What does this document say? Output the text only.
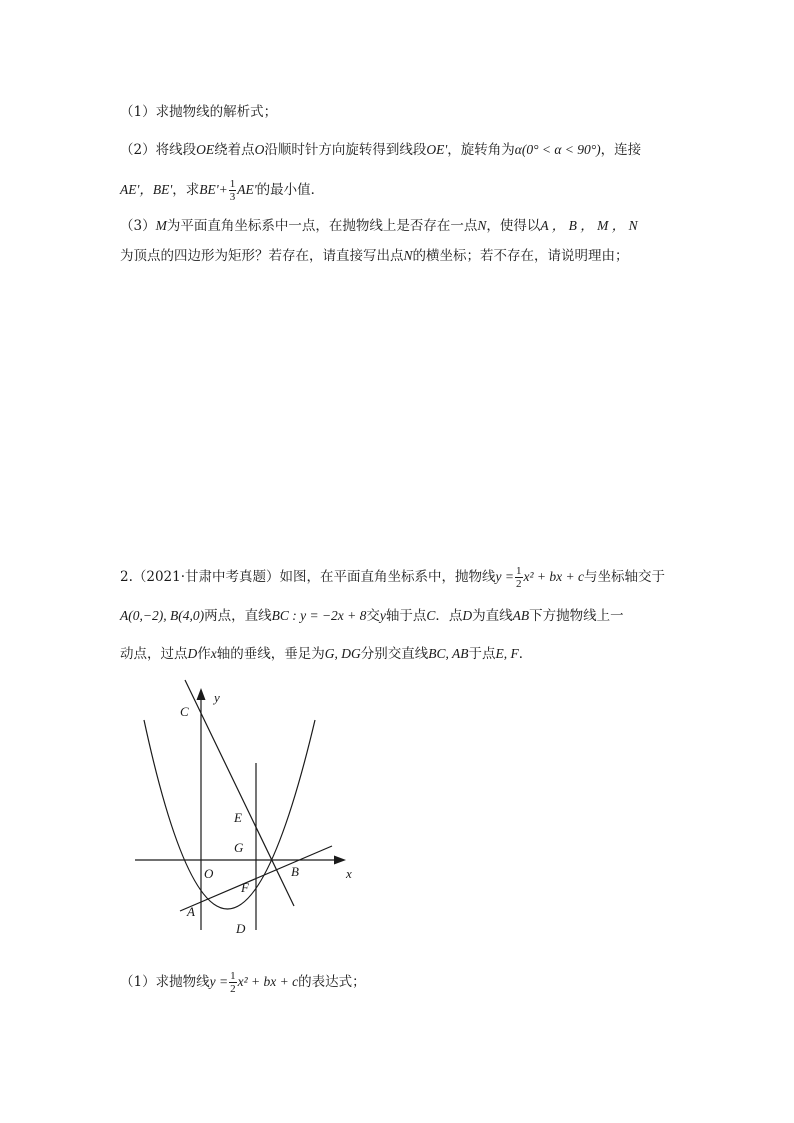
（1）求抛物线的解析式；
（2）将线段OE绕着点O沿顺时针方向旋转得到线段OE'，旋转角为α(0° < α < 90°)，连接
AE'，BE'，求$BE'+ \frac{1}{3} AE'$的最小值．
（3）M为平面直角坐标系中一点，在抛物线上是否存在一点N，使得以A ， B ， M ， N
为顶点的四边形为矩形？若存在，请直接写出点N的横坐标；若不存在，请说明理由；
2.（2021·甘肃中考真题）如图，在平面直角坐标系中，抛物线$y = \frac{1}{2} x^2$ + bx + c与坐标轴交于
A(0,−2), B(4,0)两点，直线BC : y = −2x + 8交y轴于点C．点D为直线AB下方抛物线上一
动点，过点D作x轴的垂线，垂足为G, DG分别交直线BC, AB于点E, F．
y
C
E
G
O	B	x
F
A
D
（1）求抛物线$y = \frac{1}{2} x^2$ + bx + c的表达式；
